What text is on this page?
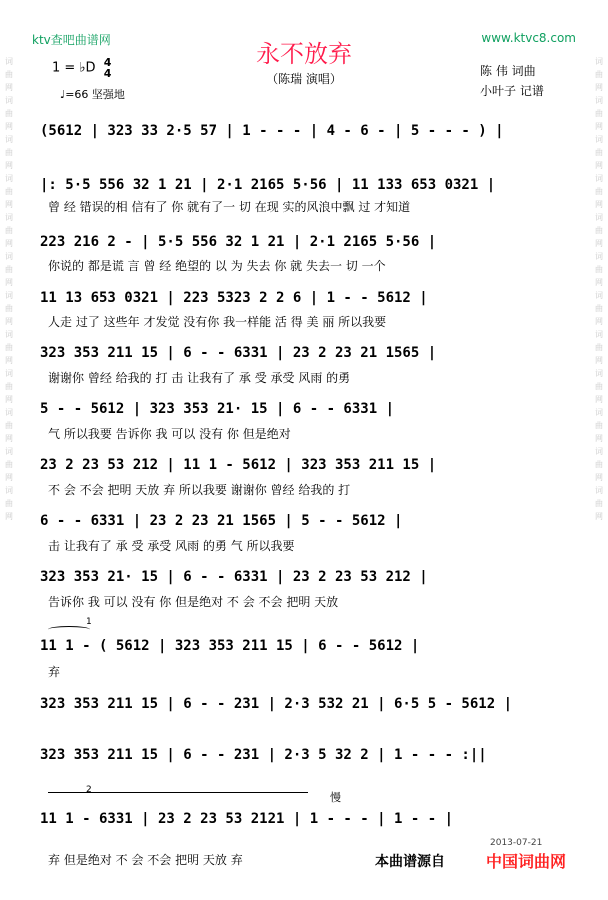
词曲网词曲网词曲网词曲网词曲网词曲网词曲网词曲网词曲网词曲网词曲网词曲网
词曲网词曲网词曲网词曲网词曲网词曲网词曲网词曲网词曲网词曲网词曲网词曲网
ktv查吧曲谱网	www.ktvc8.com
永不放弃
（陈瑞 演唱）
1 = ♭D 4
4
♩=66 坚强地
陈 伟 词曲
小叶子 记谱
(5612 | 323 33 2·5 57 | 1 - - - | 4 - 6 - | 5 - - - ) |
|: 5·5 556 32 1 21 | 2·1 2165 5·56 | 11 133 653 0321 |
曾 经 错误的相 信有了 你 就有了一 切 在现 实的风浪中飘 过 才知道
223 216 2 - | 5·5 556 32 1 21 | 2·1 2165 5·56 |
你说的 都是谎 言 曾 经 绝望的 以 为 失去 你 就 失去一 切 一个
11 13 653 0321 | 223 5323 2 2 6 | 1 - - 5612 |
人走 过了 这些年 才发觉 没有你 我一样能 活 得 美 丽 所以我要
323 353 211 15 | 6 - - 6331 | 23 2 23 21 1565 |
谢谢你 曾经 给我的 打 击 让我有了 承 受 承受 风雨 的勇
5 - - 5612 | 323 353 21· 15 | 6 - - 6331 |
气 所以我要 告诉你 我 可以 没有 你 但是绝对
23 2 23 53 212 | 11 1 - 5612 | 323 353 211 15 |
不 会 不会 把明 天放 弃 所以我要 谢谢你 曾经 给我的 打
6 - - 6331 | 23 2 23 21 1565 | 5 - - 5612 |
击 让我有了 承 受 承受 风雨 的勇 气 所以我要
323 353 21· 15 | 6 - - 6331 | 23 2 23 53 212 |
告诉你 我 可以 没有 你 但是绝对 不 会 不会 把明 天放
1
11 1 - ( 5612 | 323 353 211 15 | 6 - - 5612 |
弃
323 353 211 15 | 6 - - 231 | 2·3 532 21 | 6·5 5 - 5612 |
323 353 211 15 | 6 - - 231 | 2·3 5 32 2 | 1 - - - :||
2
慢
11 1 - 6331 | 23 2 23 53 2121 | 1 - - - | 1 - - |
弃 但是绝对 不 会 不会 把明 天放 弃
2013-07-21
本曲谱源自	中国词曲网
